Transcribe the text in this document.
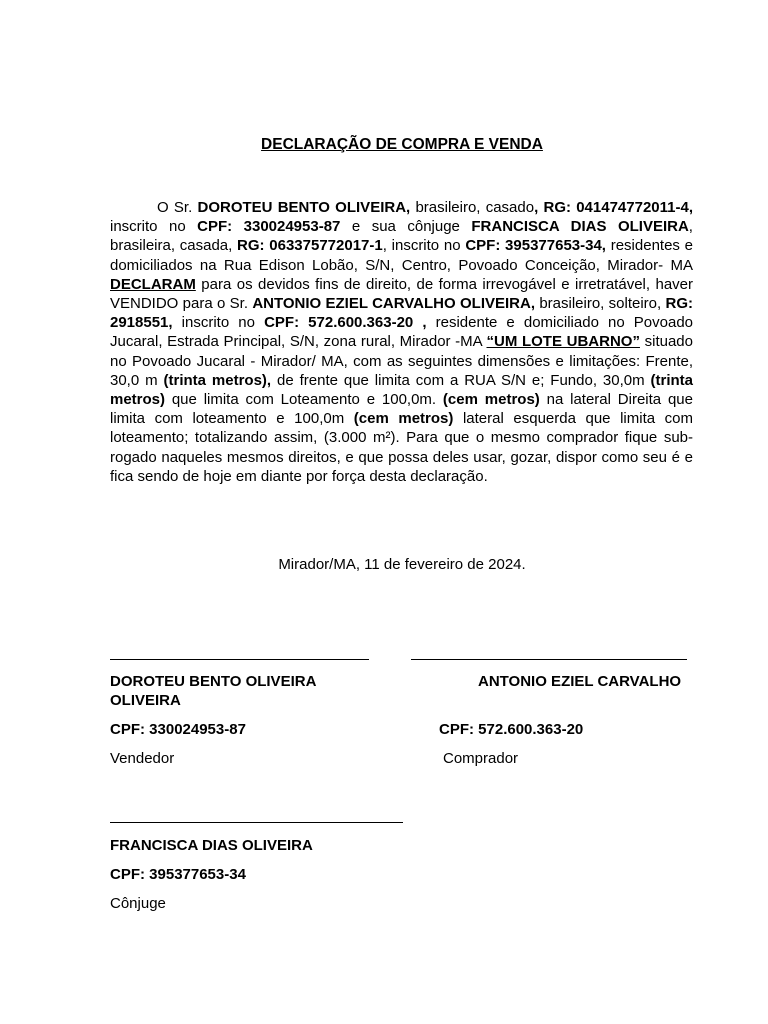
DECLARAÇÃO DE COMPRA E VENDA
O Sr. DOROTEU BENTO OLIVEIRA, brasileiro, casado, RG: 041474772011-4, inscrito no CPF: 330024953-87 e sua cônjuge FRANCISCA DIAS OLIVEIRA, brasileira, casada, RG: 063375772017-1, inscrito no CPF: 395377653-34, residentes e domiciliados na Rua Edison Lobão, S/N, Centro, Povoado Conceição, Mirador- MA DECLARAM para os devidos fins de direito, de forma irrevogável e irretratável, haver VENDIDO para o Sr. ANTONIO EZIEL CARVALHO OLIVEIRA, brasileiro, solteiro, RG: 2918551, inscrito no CPF: 572.600.363-20 , residente e domiciliado no Povoado Jucaral, Estrada Principal, S/N, zona rural, Mirador -MA “UM LOTE UBARNO” situado no Povoado Jucaral - Mirador/ MA, com as seguintes dimensões e limitações: Frente, 30,0 m (trinta metros), de frente que limita com a RUA S/N e; Fundo, 30,0m (trinta metros) que limita com Loteamento e 100,0m. (cem metros) na lateral Direita que limita com loteamento e 100,0m (cem metros) lateral esquerda que limita com loteamento; totalizando assim, (3.000 m²). Para que o mesmo comprador fique sub-rogado naqueles mesmos direitos, e que possa deles usar, gozar, dispor como seu é e fica sendo de hoje em diante por força desta declaração.
Mirador/MA, 11 de fevereiro de 2024.
DOROTEU BENTO OLIVEIRA
OLIVEIRA
CPF: 330024953-87
Vendedor
ANTONIO EZIEL CARVALHO
CPF: 572.600.363-20
Comprador
FRANCISCA DIAS OLIVEIRA
CPF: 395377653-34
Cônjuge
